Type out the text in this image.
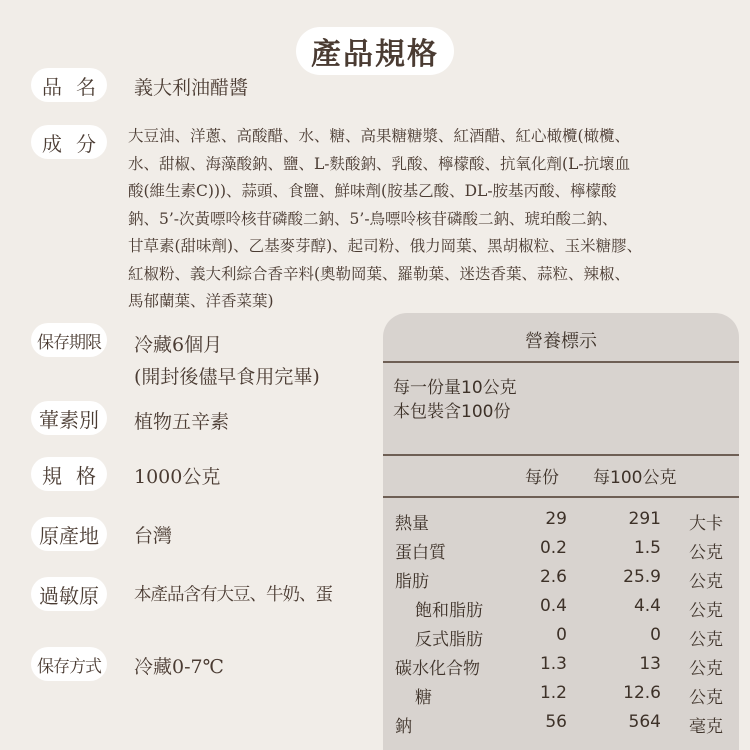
產品規格
品名 義大利油醋醬
成分 大豆油、洋蔥、高酸醋、水、糖、高果糖糖漿、紅酒醋、紅心橄欖(橄欖、
水、甜椒、海藻酸鈉、鹽、L-麩酸鈉、乳酸、檸檬酸、抗氧化劑(L-抗壞血
酸(維生素C)))、蒜頭、食鹽、鮮味劑(胺基乙酸、DL-胺基丙酸、檸檬酸
鈉、5’-次黃嘌呤核苷磷酸二鈉、5’-鳥嘌呤核苷磷酸二鈉、琥珀酸二鈉、
甘草素(甜味劑)、乙基麥芽醇)、起司粉、俄力岡葉、黑胡椒粒、玉米糖膠、
紅椒粉、義大利綜合香辛料(奧勒岡葉、羅勒葉、迷迭香葉、蒜粒、辣椒、
馬郁蘭葉、洋香菜葉)
保存期限	冷藏6個月
(開封後儘早食用完畢)
葷素別	植物五辛素
規格 1000公克
原產地	台灣
過敏原	本產品含有大豆、牛奶、蛋
保存方式	冷藏0-7℃
營養標示
每一份量10公克
本包裝含100份
每份 每100公克
熱量	29	291 大卡
蛋白質	0.2	1.5 公克
脂肪	2.6	25.9 公克
飽和脂肪	0.4	4.4 公克
反式脂肪	0	0 公克
碳水化合物	1.3	13 公克
糖	1.2	12.6 公克
鈉	56	564 毫克
